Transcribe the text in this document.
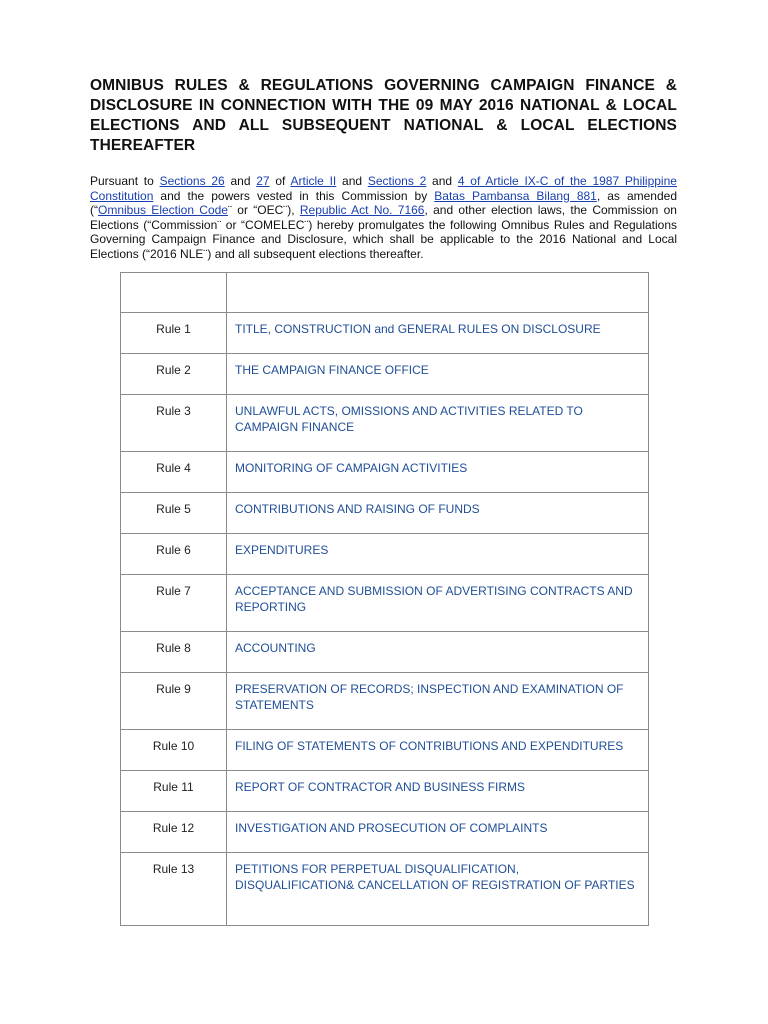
OMNIBUS RULES & REGULATIONS GOVERNING CAMPAIGN FINANCE & DISCLOSURE IN CONNECTION WITH THE 09 MAY 2016 NATIONAL & LOCAL ELECTIONS AND ALL SUBSEQUENT NATIONAL & LOCAL ELECTIONS THEREAFTER

Pursuant to Sections 26 and 27 of Article II and Sections 2 and 4 of Article IX-C of the 1987 Philippine Constitution and the powers vested in this Commission by Batas Pambansa Bilang 881, as amended (“Omnibus Election Code¨ or “OEC¨), Republic Act No. 7166, and other election laws, the Commission on Elections (“Commission¨ or “COMELEC¨) hereby promulgates the following Omnibus Rules and Regulations Governing Campaign Finance and Disclosure, which shall be applicable to the 2016 National and Local Elections (“2016 NLE¨) and all subsequent elections thereafter.

Rule 1	TITLE, CONSTRUCTION and GENERAL RULES ON DISCLOSURE

Rule 2	THE CAMPAIGN FINANCE OFFICE

Rule 3	UNLAWFUL ACTS, OMISSIONS AND ACTIVITIES RELATED TO CAMPAIGN FINANCE

Rule 4	MONITORING OF CAMPAIGN ACTIVITIES

Rule 5	CONTRIBUTIONS AND RAISING OF FUNDS

Rule 6	EXPENDITURES

Rule 7	ACCEPTANCE AND SUBMISSION OF ADVERTISING CONTRACTS AND REPORTING

Rule 8	ACCOUNTING

Rule 9	PRESERVATION OF RECORDS; INSPECTION AND EXAMINATION OF STATEMENTS

Rule 10	FILING OF STATEMENTS OF CONTRIBUTIONS AND EXPENDITURES

Rule 11	REPORT OF CONTRACTOR AND BUSINESS FIRMS

Rule 12	INVESTIGATION AND PROSECUTION OF COMPLAINTS

Rule 13	PETITIONS FOR PERPETUAL DISQUALIFICATION, DISQUALIFICATION& CANCELLATION OF REGISTRATION OF PARTIES
